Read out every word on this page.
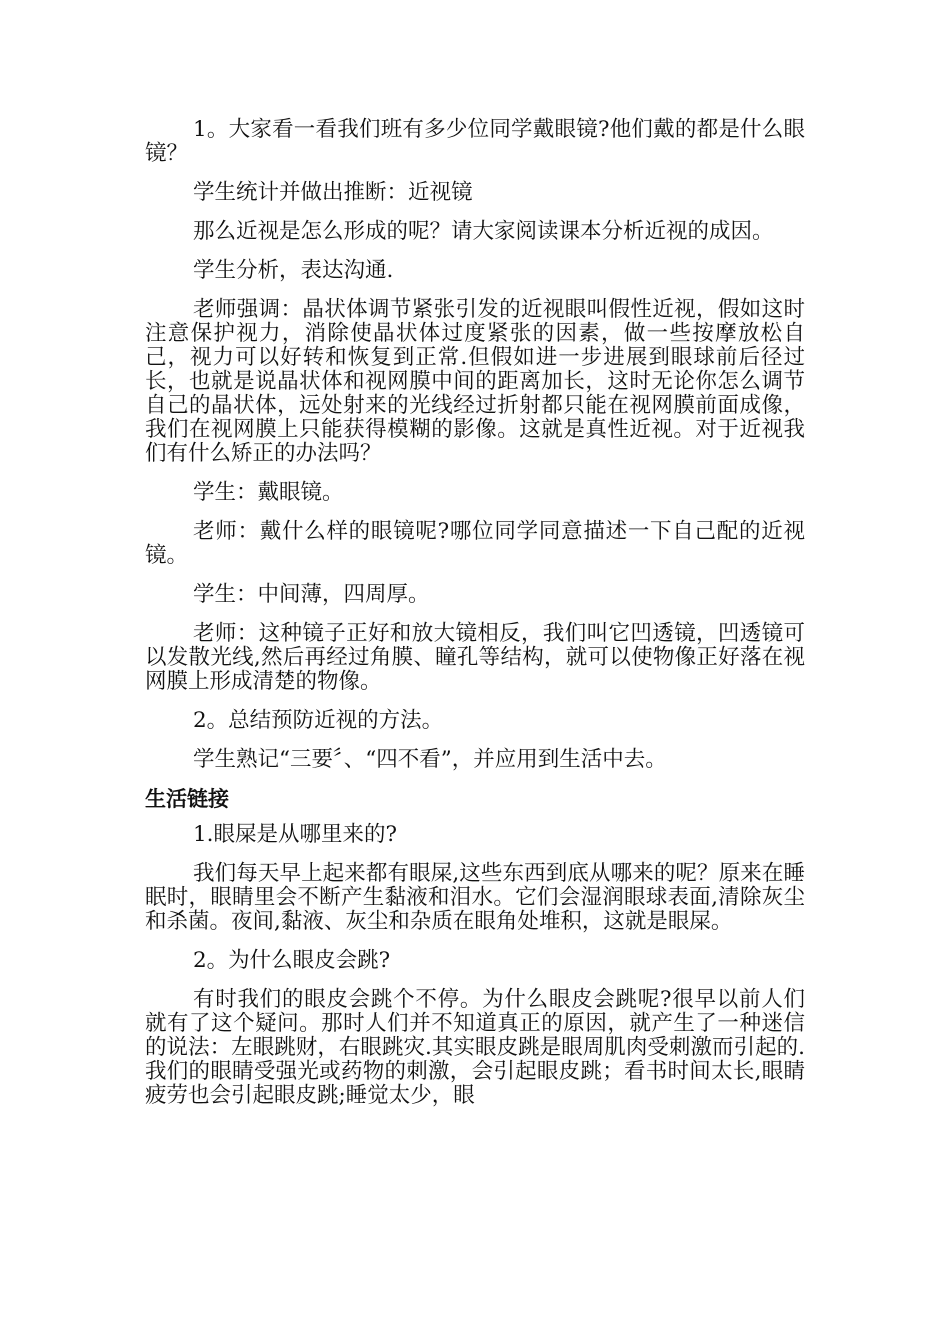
1。大家看一看我们班有多少位同学戴眼镜?他们戴的都是什么眼镜？

学生统计并做出推断：近视镜

那么近视是怎么形成的呢？请大家阅读课本分析近视的成因。

学生分析，表达沟通.

老师强调：晶状体调节紧张引发的近视眼叫假性近视，假如这时注意保护视力，消除使晶状体过度紧张的因素，做一些按摩放松自己，视力可以好转和恢复到正常.但假如进一步进展到眼球前后径过长，也就是说晶状体和视网膜中间的距离加长，这时无论你怎么调节自己的晶状体，远处射来的光线经过折射都只能在视网膜前面成像，我们在视网膜上只能获得模糊的影像。这就是真性近视。对于近视我们有什么矫正的办法吗？

学生：戴眼镜。

老师：戴什么样的眼镜呢?哪位同学同意描述一下自己配的近视镜。

学生：中间薄，四周厚。

老师：这种镜子正好和放大镜相反，我们叫它凹透镜，凹透镜可以发散光线,然后再经过角膜、瞳孔等结构，就可以使物像正好落在视网膜上形成清楚的物像。

2。总结预防近视的方法。

学生熟记“三要〞、“四不看”，并应用到生活中去。

生活链接

1.眼屎是从哪里来的?

我们每天早上起来都有眼屎,这些东西到底从哪来的呢？原来在睡眠时，眼睛里会不断产生黏液和泪水。它们会湿润眼球表面,清除灰尘和杀菌。夜间,黏液、灰尘和杂质在眼角处堆积，这就是眼屎。

2。为什么眼皮会跳?

有时我们的眼皮会跳个不停。为什么眼皮会跳呢?很早以前人们就有了这个疑问。那时人们并不知道真正的原因，就产生了一种迷信的说法：左眼跳财，右眼跳灾.其实眼皮跳是眼周肌肉受刺激而引起的.我们的眼睛受强光或药物的刺激，会引起眼皮跳；看书时间太长,眼睛疲劳也会引起眼皮跳;睡觉太少，眼
